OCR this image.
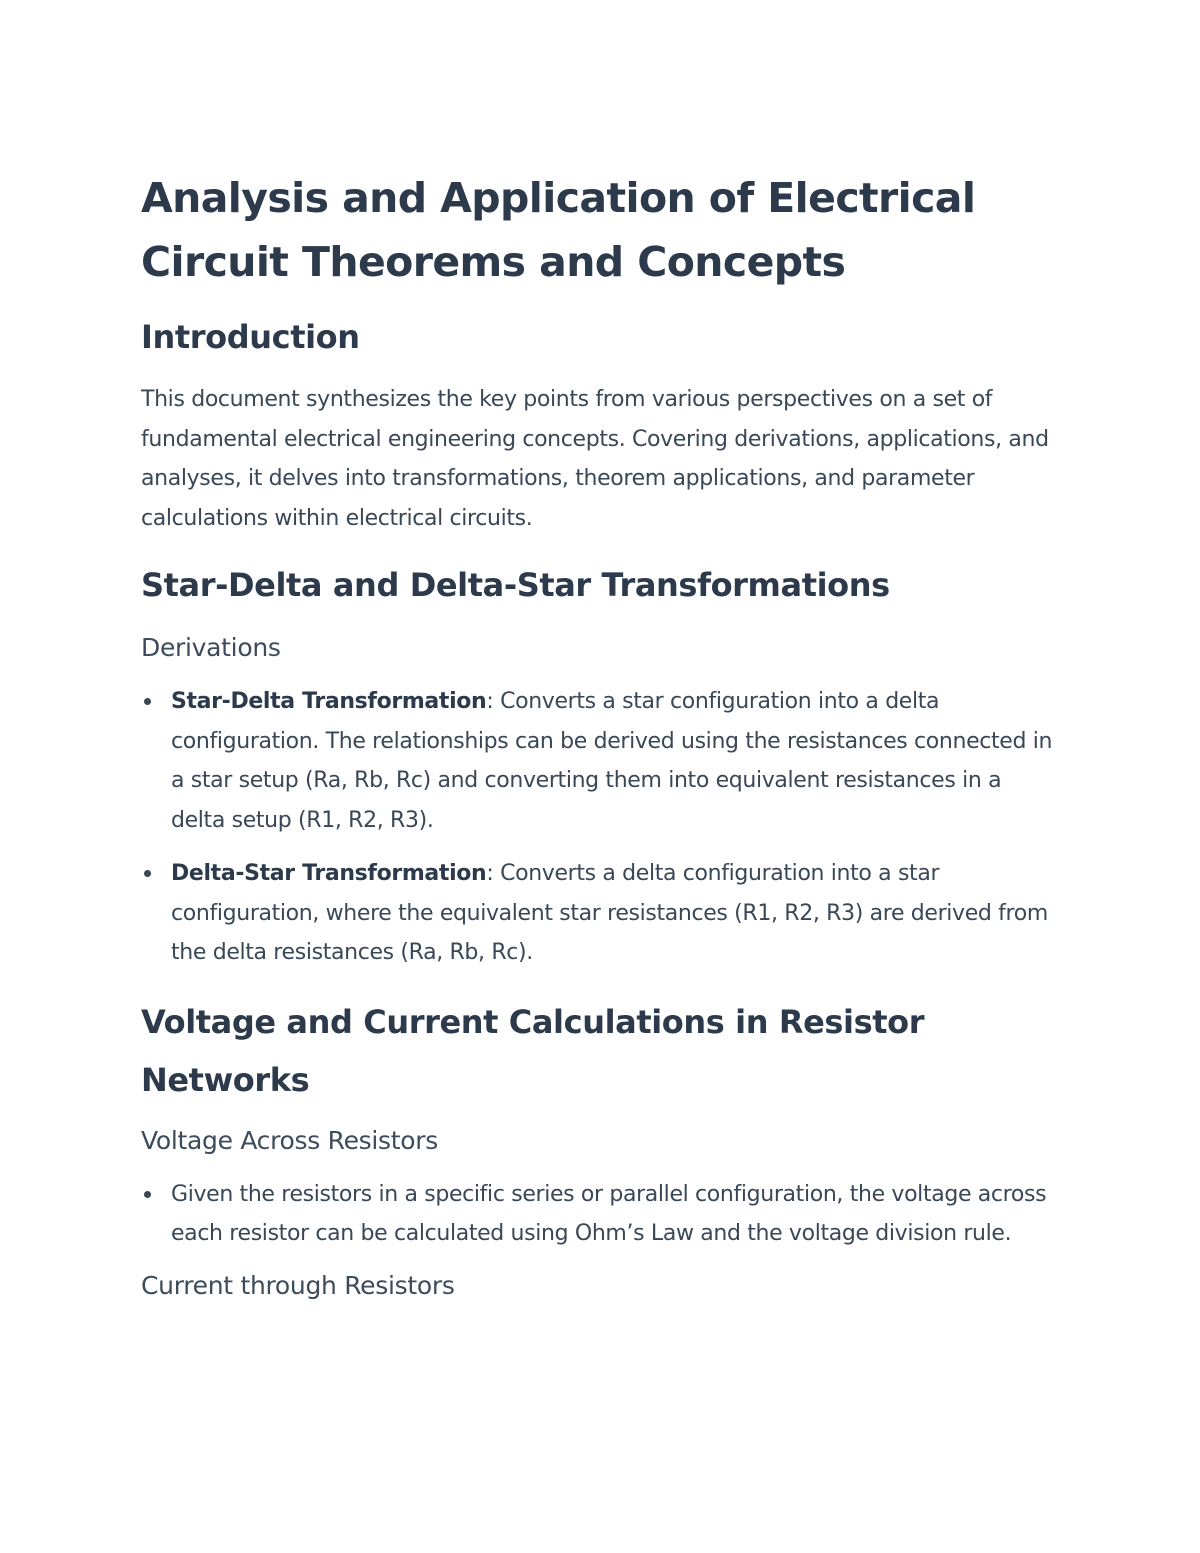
Analysis and Application of Electrical Circuit Theorems and Concepts
Introduction

This document synthesizes the key points from various perspectives on a set of fundamental electrical engineering concepts. Covering derivations, applications, and analyses, it delves into transformations, theorem applications, and parameter calculations within electrical circuits.

Star-Delta and Delta-Star Transformations
Derivations
Star-Delta Transformation: Converts a star configuration into a delta configuration. The relationships can be derived using the resistances connected in a star setup (Ra, Rb, Rc) and converting them into equivalent resistances in a delta setup (R1, R2, R3).
Delta-Star Transformation: Converts a delta configuration into a star configuration, where the equivalent star resistances (R1, R2, R3) are derived from the delta resistances (Ra, Rb, Rc).
Voltage and Current Calculations in Resistor Networks
Voltage Across Resistors
Given the resistors in a specific series or parallel configuration, the voltage across each resistor can be calculated using Ohm’s Law and the voltage division rule.
Current through Resistors
